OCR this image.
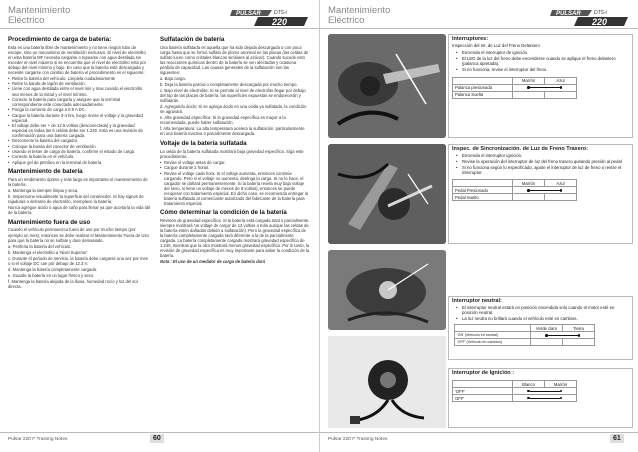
Mantenimiento
Eléctrico
PULSAR
220
DTS-i
Procedimiento de carga de batería:

Esta es una batería libre de mantenimiento y no tiene ningún tubo de escape, sino un mecanismo de ventilación exclusivo. El nivel de electrolito en esta batería MF necesita cargarse o topearse con agua destilada sin exceder el nivel máximo si se encuentra que el nivel de electrolito está por debajo del nivel mínimo y bajo. En caso que la batería esté descargada y necesite cargarse con cambio de batería el procedimiento es el siguiente:

• Retire la batería del vehículo. Limpiela cuidadosamente
• Retire la banda de tapón de ventilación.
• Llene con agua destilada entre el nivel min y max cuando el electrolito sea menos de la mitad y el nivel mínimo.
• Conecte la batería para cargarla y asegure que la terminal correspondiente esté conectada adecuadamente.
• Ponga la corriente de carga a 0.9 A DC.
• Cargue la batería durante 3-4 hrs, luego revise el voltaje y la gravedad especial.
• El voltaje debe ser + de 12.5 voltios (desconectada) y la gravedad especial en todas las 6 celdas debe ser 1.240. Esta es una revisión de confirmación para una batería cargada.
• Desconecte la batería del cargador.
• Coloque la banda del conector de ventilación
• Usando el tester de carga de batería, confirme el estado de carga.
• Conecte la batería en el vehículo.
• Aplique gel de petróleo en la terminal de batería.
Mantenimiento de batería

Para un rendimiento óptimo y más largo es importante el mantenimiento de la batería.

a. Mantenga la siempre limpia y seca,

b. Inspeccione visualmente la superficie del contenedor. Si hay signos de rajaduras o derrame de electrolito, reemplace la batería.

Nunca agregue ácido o agua de caño para llenar ya que acortaría la vida útil de la batería.

Mantenimiento fuera de uso

Cuando el vehículo permanezca fuera de uso por mucho tiempo (por ejemplo un mes), entonces se debe realizar el Mantenimiento Fuera de Uso para que la batería no se sulfate y dure demasiado.

a. Periferia la batería del vehículo.

b. Mantenga el electrolito a 'Nivel Superior'.

c. Durante el periodo de servicio, la batería debe cargarse una vez por mes o si el voltaje DC cae por debajo de 12.3 V.

d. Mantenga la batería completamente cargada.

e. Guarde la batería en un lugar fresco y seco.

f. Mantenga la batería alejada de la lluvia, humedad rocío y luz del sol directa.

Sulfatación de batería

Una batería sulfatada es aquella que ha sido dejada descargada o con poca carga hasta que se formó sulfato de plomo anormal en las placas (las celdas de sulfato lucen como cristales blancos similares al azúcar). Cuando sucede esto las reacciones químicas dentro de la batería se ven afectadas y ocasiona pérdida de capacidad. Las causas generales de la sulfatación son las siguientes:

a. Baja carga.

b. Deja la batería parcial o completamente descargada por mucho tiempo.

c. Bajo nivel de electrolito: Si se permite al nivel de electrolito llegar por debajo del top de las placas de batería, las superficies expuestas se endurecerán y sulfatarán.

d. Agregando ácido: Si se agrega ácido en una celda ya sulfatada, la condición se agravará.

e. Alta gravedad específica: Si la gravedad específica es mayor a la recomendada, puede haber sulfatación.

f. Alta temperatura: La alta temperatura acelera la sulfatación, particularmente en una batería inactiva o parcialmente descargada.

Voltaje de la batería sulfatada

La celda de la batería sulfatada mostrará baja gravedad específica. Siga este procedimiento.

• Revise el voltaje antes de cargar.
• Cargue durante 2 horas.
• Revise el voltaje cada hora. Si el voltaje aumenta, entonces continúe cargando. Pero si el voltaje no aumenta, deténga la carga. Si no lo hace, el cargador se dañará permanentemente. Si la batería revela muy baja voltaje del sexo, si tiene un voltaje de menos de 9 voltios), entonces se puede recuperar con tratamiento especial. En dicho caso, se recomienda entregar la batería sulfatada al comerciante autorizado del fabricante de la batería para tratamiento especial.
Cómo determinar la condición de la batería

Revisión de gravedad específica: Si la batería está cargada total o parcialmente, siempre mostrará 'un voltaje de carga' de 12 voltios o más aunque las celdas de la batería estén dañadas debido a sulfatación). Pero la gravedad específica de la batería completamente cargada será diferente a la de la parcialmente cargada. La batería completamente cargada mostrará gravedad específica de 1.240, mientras que la otra mostrará menos gravedad específica. Por lo tanto, la revisión de gravedad específica es muy importante para saber la condición de la batería.

Nota : El uso de un medidor de carga de batería dará

Pulsar 220 F Training Notes	60
Mantenimiento
Eléctrico
PULSAR
220
DTS-i
Interruptores:
Inspección del Int. de Luz del Freno Delantero
• Encienda el interruptor de ignición.
• El LED de la luz del freno debe encenderse cuando se aplique el freno delantero (palanca apretada).
• Si no funciona, revise el interruptor del freno.
	Marrón	Azul
Palanca presionada		

Palanca Suelta		
Inspec. de Sincronización. de Luz de Freno Trasero:
• Encienda el interruptor ignición.
• Revise la operación del interruptor de luz del freno trasero quitando presión al pedal
• Si no funciona según lo especificado, ajuste el interruptor de luz de freno o revise el interruptor.
	Marrón	Azul
Pedal Presionado		

Pedal Suelto		
Interruptor neutral:
• El interruptor neutral estará en posición encendida solo cuando el motor esté en posición neutral.
• La luz neutra no brillará cuando el vehículo esté en cambios.
	Verde claro	Tierra
'ON' (Vehículo en neutral)		

'OFF' (Vehículo en cambios)		
Interruptor de Ignición :
	Blanco	Marrón
'OFF'		

OFF'		
Pulsar 220 F Training Notes	61
